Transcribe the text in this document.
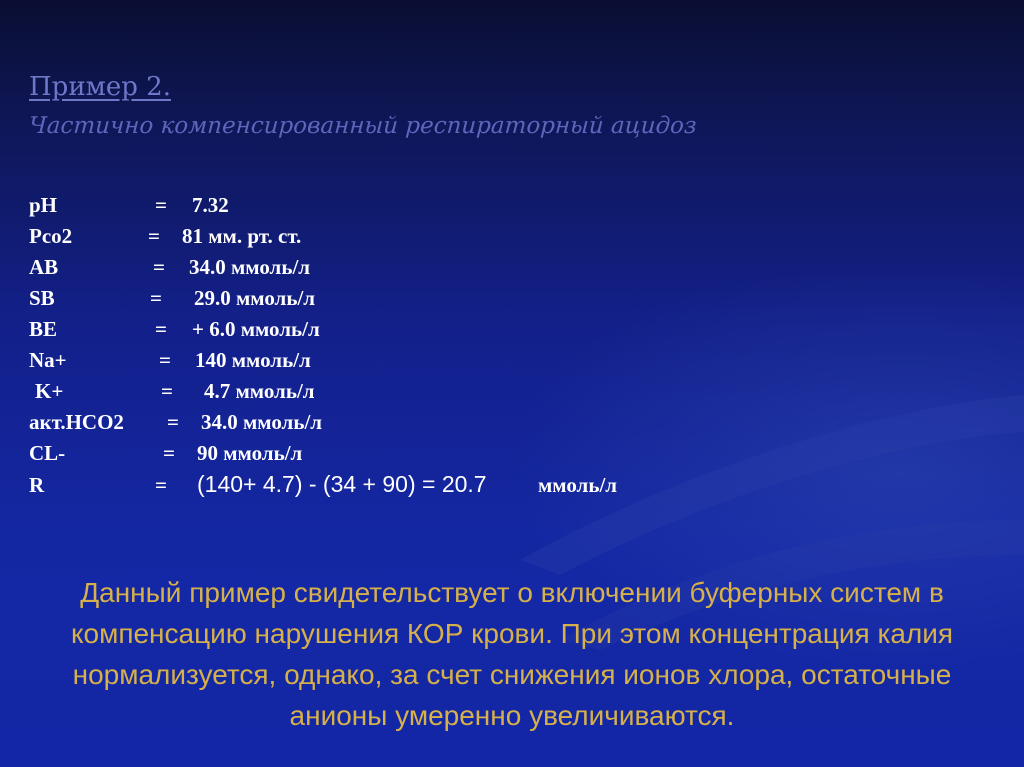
Пример 2.
Частично компенсированный респираторный ацидоз
pH	= 7.32
Pco2	= 81 мм. рт. ст.
AB	= 34.0 ммоль/л
SB	= 29.0 ммоль/л
BE	= + 6.0 ммоль/л
Na+	= 140 ммоль/л
K+	= 4.7 ммоль/л
акт.HCO2 = 34.0 ммоль/л
CL-	= 90 ммоль/л
R	= (140+ 4.7) - (34 + 90) = 20.7 ммоль/л
Данный пример свидетельствует о включении буферных систем в компенсацию нарушения КОР крови. При этом концентрация калия нормализуется, однако, за счет снижения ионов хлора, остаточные анионы умеренно увеличиваются.
